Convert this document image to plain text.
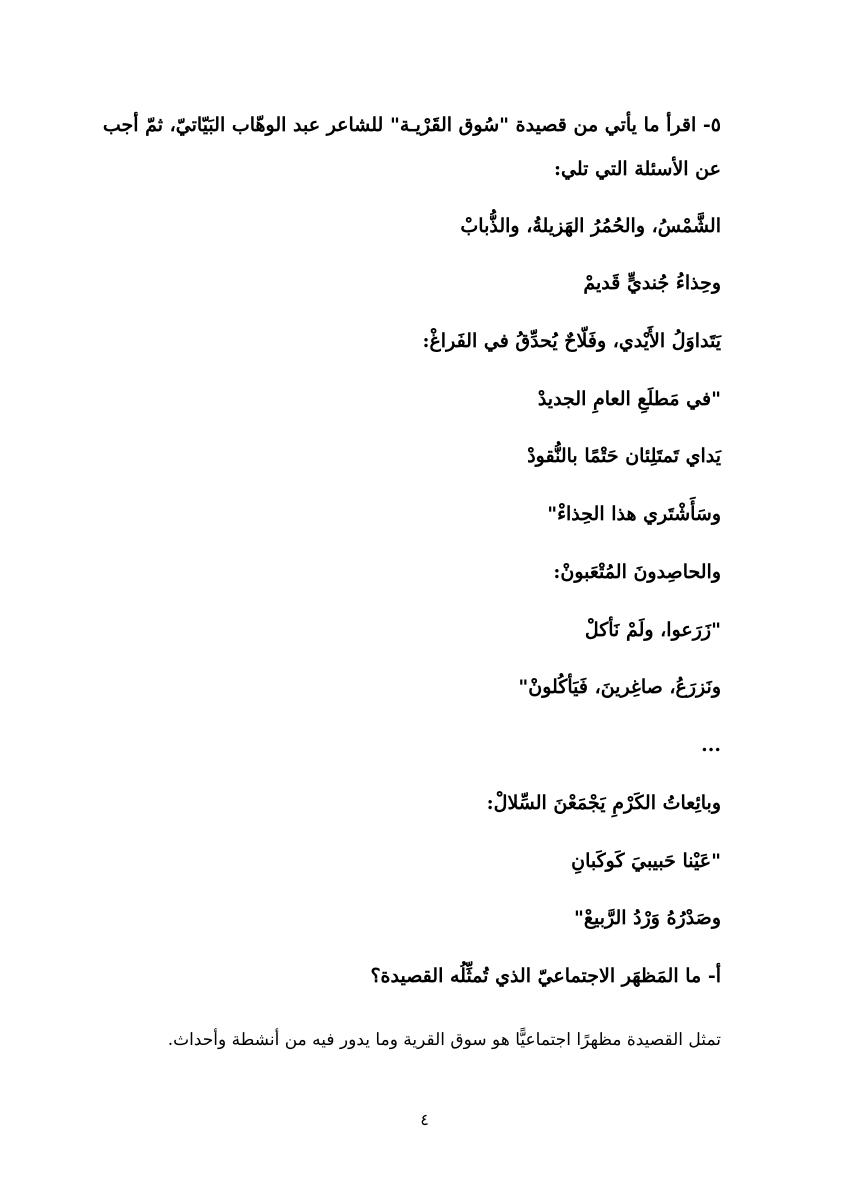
٥- اقرأ ما يأتي من قصيدة "سُوق القَرْيـة" للشاعر عبد الوهّاب البَيّاتيّ، ثمّ أجب
عن الأسئلة التي تلي:
الشَّمْسُ، والحُمُرُ الهَزيلةُ، والذُّبابْ
وحِذاءُ جُنديٍّ قَديمْ
يَتَداوَلُ الأَيْدي، وفَلّاحٌ يُحدِّقُ في الفَراغْ:
"في مَطلَعِ العامِ الجديدْ
يَداي تَمتَلِئان حَتْمًا بالنُّقودْ
وسَأَشْتَري هذا الحِذاءْ"
والحاصِدونَ المُتْعَبونْ:
"زَرَعوا، ولَمْ نَأكلْ
ونَزرَعُ، صاغِرينَ، فَيَأكُلونْ"
...
وبائِعاتُ الكَرْمِ يَجْمَعْنَ السِّلالْ:
"عَيْنا حَبيبيَ كَوكَبانِ
وصَدْرُهُ وَرْدُ الرَّبيعْ"
أ- ما المَظهَر الاجتماعيّ الذي تُمثِّلُه القصيدة؟
تمثل القصيدة مظهرًا اجتماعيًّا هو سوق القرية وما يدور فيه من أنشطة وأحداث.
٤
